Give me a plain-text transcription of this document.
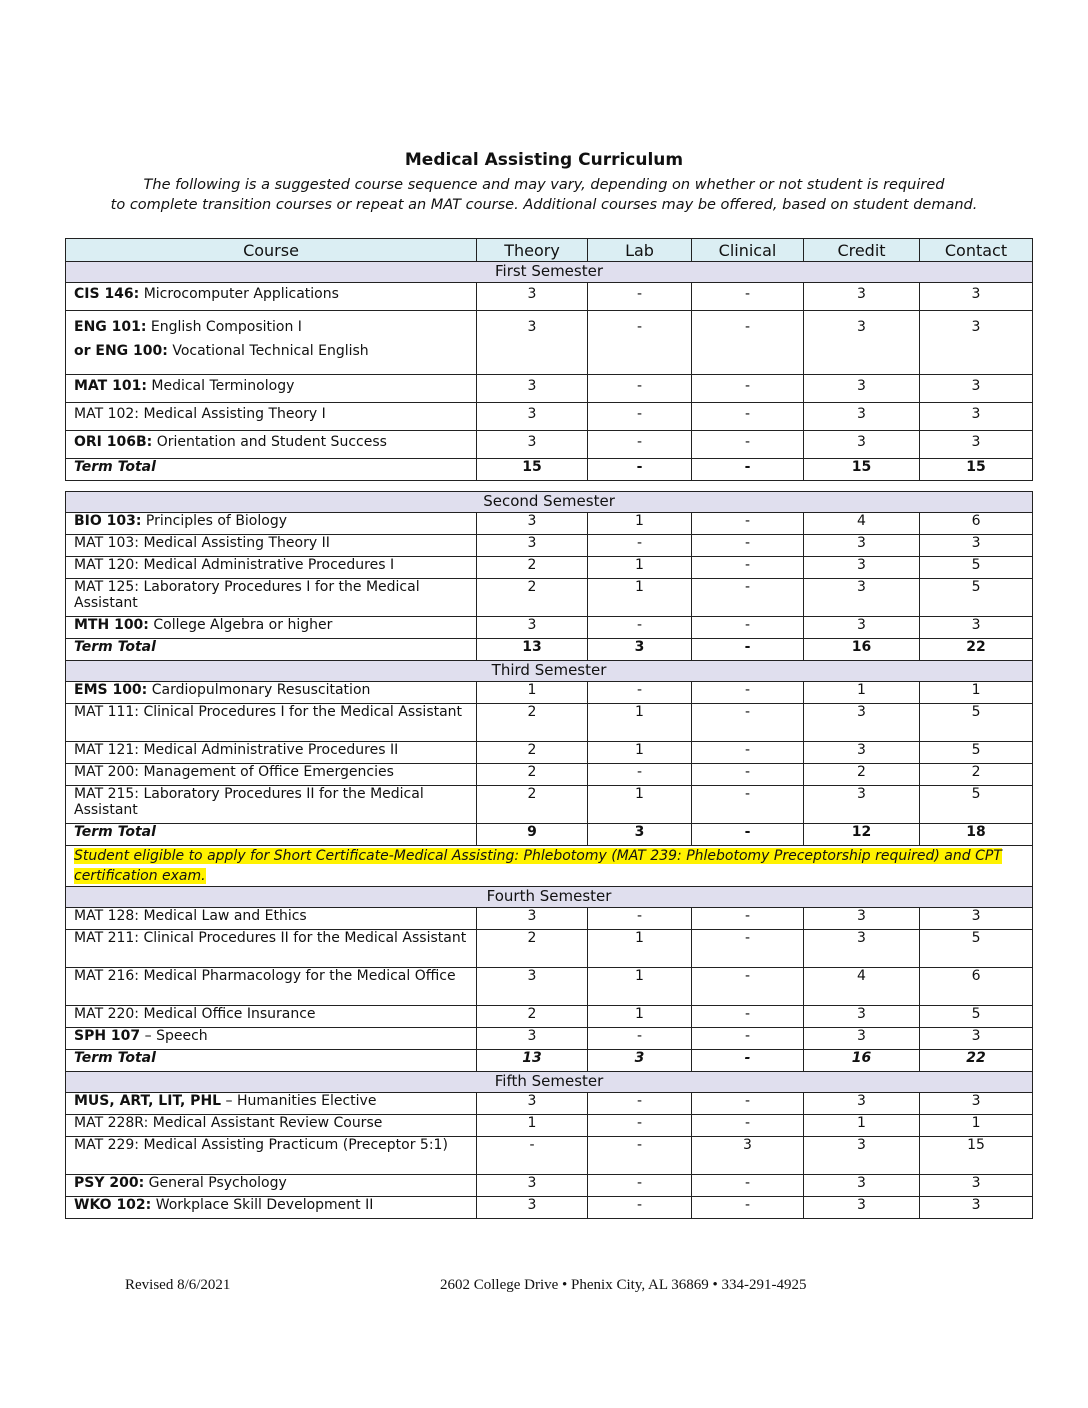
Medical Assisting Curriculum
The following is a suggested course sequence and may vary, depending on whether or not student is required
to complete transition courses or repeat an MAT course. Additional courses may be offered, based on student demand.
Course	Theory	Lab	Clinical	Credit	Contact
First Semester					
CIS 146: Microcomputer Applications	3	-	-	3	3
ENG 101: English Composition I
or ENG 100: Vocational Technical English	3	-	-	3	3
MAT 101: Medical Terminology	3	-	-	3	3
MAT 102: Medical Assisting Theory I	3	-	-	3	3
ORI 106B: Orientation and Student Success	3	-	-	3	3
Term Total	15	-	-	15	15
Second Semester					
BIO 103: Principles of Biology	3	1	-	4	6
MAT 103: Medical Assisting Theory II	3	-	-	3	3
MAT 120: Medical Administrative Procedures I	2	1	-	3	5
MAT 125: Laboratory Procedures I for the Medical Assistant	2	1	-	3	5
MTH 100: College Algebra or higher	3	-	-	3	3
Term Total	13	3	-	16	22
Third Semester					
EMS 100: Cardiopulmonary Resuscitation	1	-	-	1	1
MAT 111: Clinical Procedures I for the Medical Assistant	2	1	-	3	5
MAT 121: Medical Administrative Procedures II	2	1	-	3	5
MAT 200: Management of Office Emergencies	2	-	-	2	2
MAT 215: Laboratory Procedures II for the Medical Assistant	2	1	-	3	5
Term Total	9	3	-	12	18
Student eligible to apply for Short Certificate-Medical Assisting: Phlebotomy (MAT 239: Phlebotomy Preceptorship required) and CPT certification exam.					
Fourth Semester					
MAT 128: Medical Law and Ethics	3	-	-	3	3
MAT 211: Clinical Procedures II for the Medical Assistant	2	1	-	3	5
MAT 216: Medical Pharmacology for the Medical Office	3	1	-	4	6
MAT 220: Medical Office Insurance	2	1	-	3	5
SPH 107 – Speech	3	-	-	3	3
Term Total	13	3	-	16	22
Fifth Semester					
MUS, ART, LIT, PHL – Humanities Elective	3	-	-	3	3
MAT 228R: Medical Assistant Review Course	1	-	-	1	1
MAT 229: Medical Assisting Practicum (Preceptor 5:1)	-	-	3	3	15
PSY 200: General Psychology	3	-	-	3	3
WKO 102: Workplace Skill Development II	3	-	-	3	3
Revised 8/6/2021	2602 College Drive • Phenix City, AL 36869 • 334-291-4925
